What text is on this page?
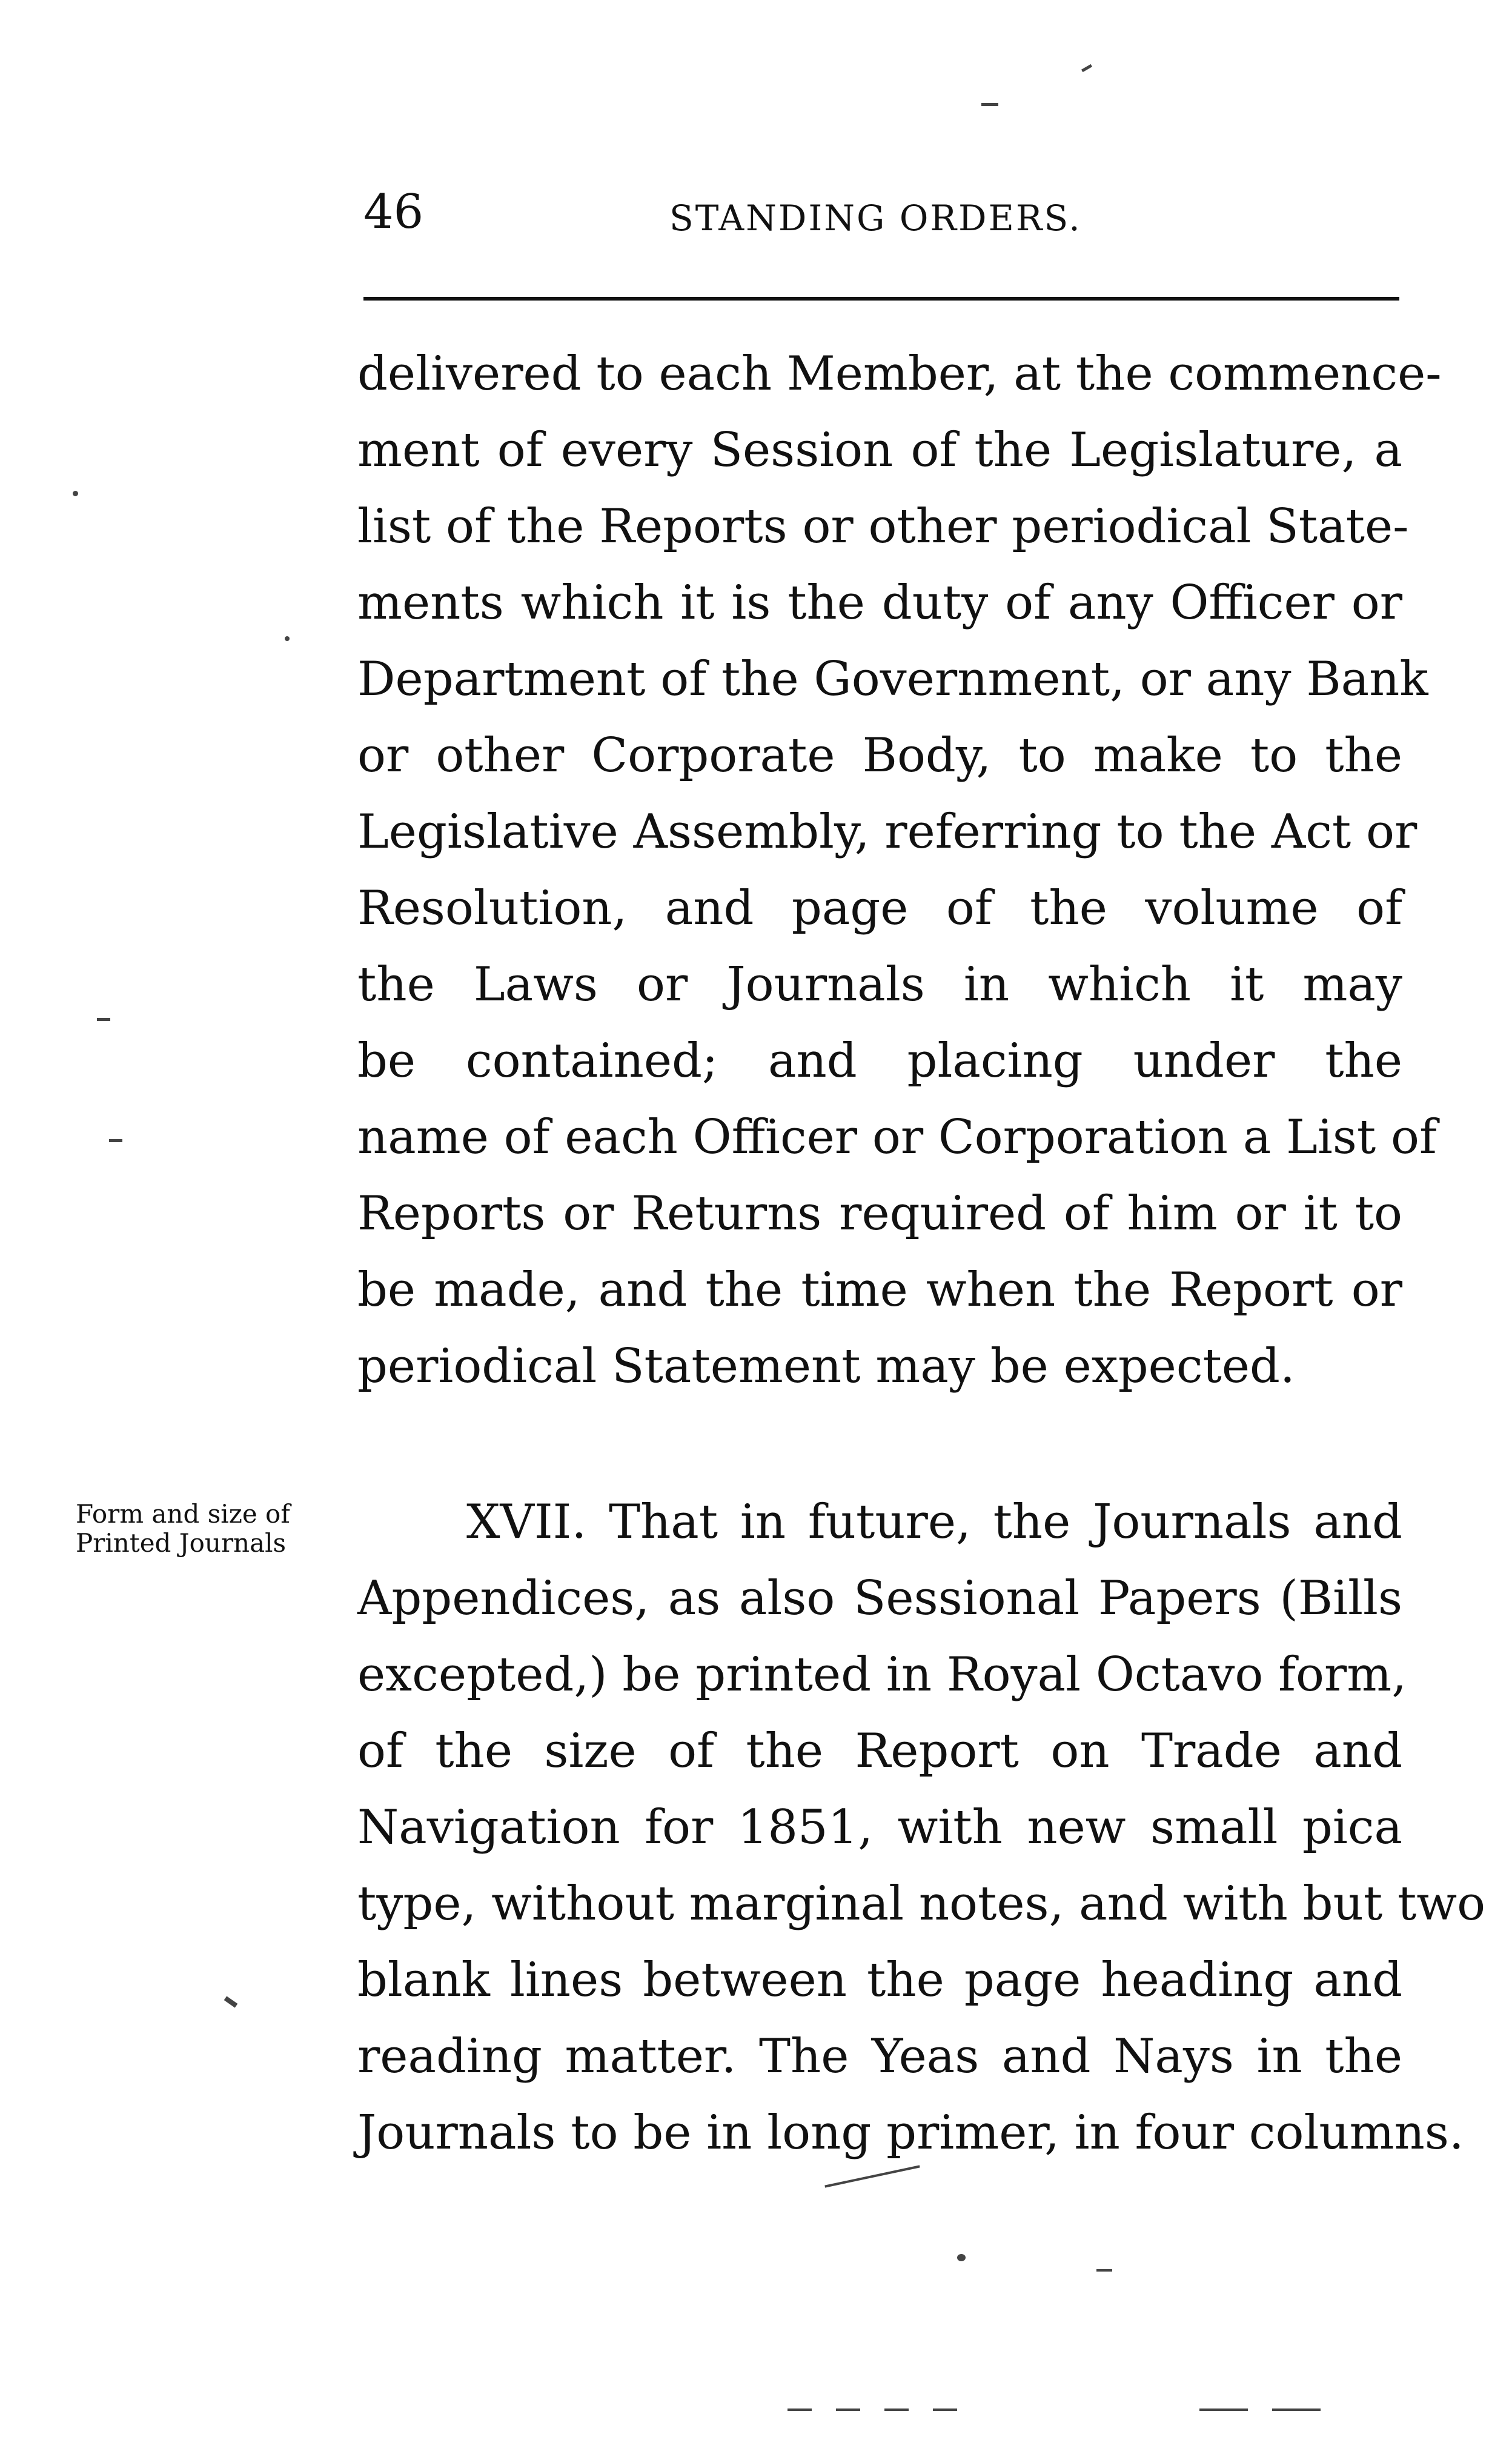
46	STANDING ORDERS.
delivered to each Member, at the commence-
ment of every Session of the Legislature, a
list of the Reports or other periodical State-
ments which it is the duty of any Officer or
Department of the Government, or any Bank
or other Corporate Body, to make to the
Legislative Assembly, referring to the Act or
Resolution, and page of the volume of
the Laws or Journals in which it may
be contained; and placing under the
name of each Officer or Corporation a List of
Reports or Returns required of him or it to
be made, and the time when the Report or
periodical Statement may be expected.
Form and size of
Printed Journals	XVII. That in future, the Journals and
Appendices, as also Sessional Papers (Bills
excepted,) be printed in Royal Octavo form,
of the size of the Report on Trade and
Navigation for 1851, with new small pica
type, without marginal notes, and with but two
blank lines between the page heading and
reading matter. The Yeas and Nays in the
Journals to be in long primer, in four columns.
